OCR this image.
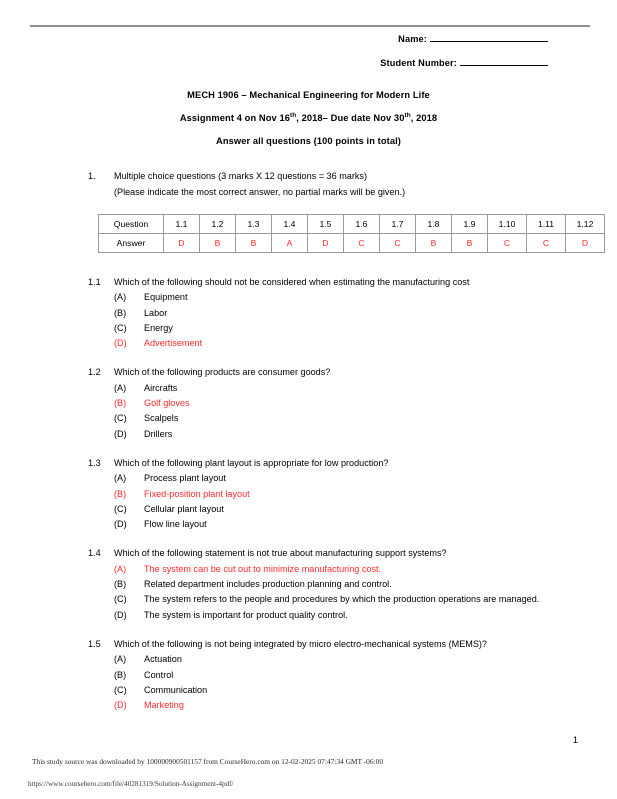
Name:
Student Number:
MECH 1906 – Mechanical Engineering for Modern Life
Assignment 4 on Nov 16th, 2018– Due date Nov 30th, 2018
Answer all questions (100 points in total)
1. Multiple choice questions (3 marks X 12 questions = 36 marks)
(Please indicate the most correct answer, no partial marks will be given.)
Question	1.1	1.2	1.3	1.4	1.5	1.6	1.7	1.8	1.9	1.10	1.11	1.12
Answer	D	B	B	A	D	C	C	B	B	C	C	D
1.1 Which of the following should not be considered when estimating the manufacturing cost
(A) Equipment
(B) Labor
(C) Energy
(D) Advertisement
1.2 Which of the following products are consumer goods?
(A) Aircrafts
(B) Golf gloves
(C) Scalpels
(D) Drillers
1.3 Which of the following plant layout is appropriate for low production?
(A) Process plant layout
(B) Fixed-position plant layout
(C) Cellular plant layout
(D) Flow line layout
1.4 Which of the following statement is not true about manufacturing support systems?
(A) The system can be cut out to minimize manufacturing cost.
(B) Related department includes production planning and control.
(C) The system refers to the people and procedures by which the production operations are managed.
(D) The system is important for product quality control.
1.5 Which of the following is not being integrated by micro electro-mechanical systems (MEMS)?
(A) Actuation
(B) Control
(C) Communication
(D) Marketing
1
This study source was downloaded by 100000900501157 from CourseHero.com on 12-02-2025 07:47:34 GMT -06:00
https://www.coursehero.com/file/40281319/Solution-Assignment-4pdf/
